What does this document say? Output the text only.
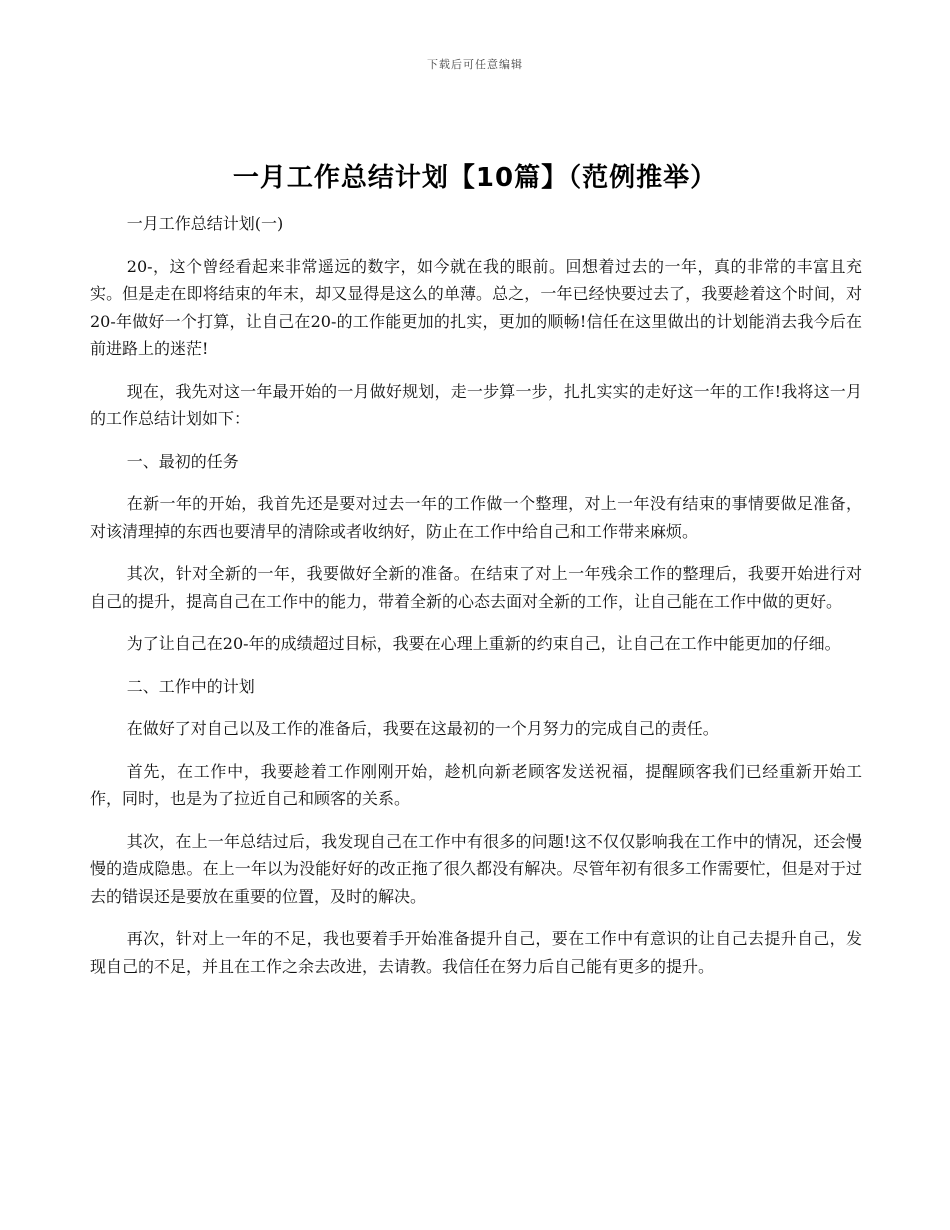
下载后可任意编辑
一月工作总结计划【10篇】（范例推举）

一月工作总结计划(一)

20-，这个曾经看起来非常遥远的数字，如今就在我的眼前。回想着过去的一年，真的非常的丰富且充实。但是走在即将结束的年末，却又显得是这么的单薄。总之，一年已经快要过去了，我要趁着这个时间，对20-年做好一个打算，让自己在20-的工作能更加的扎实，更加的顺畅!信任在这里做出的计划能消去我今后在前进路上的迷茫!

现在，我先对这一年最开始的一月做好规划，走一步算一步，扎扎实实的走好这一年的工作!我将这一月的工作总结计划如下：

一、最初的任务

在新一年的开始，我首先还是要对过去一年的工作做一个整理，对上一年没有结束的事情要做足准备，对该清理掉的东西也要清早的清除或者收纳好，防止在工作中给自己和工作带来麻烦。

其次，针对全新的一年，我要做好全新的准备。在结束了对上一年残余工作的整理后，我要开始进行对自己的提升，提高自己在工作中的能力，带着全新的心态去面对全新的工作，让自己能在工作中做的更好。

为了让自己在20-年的成绩超过目标，我要在心理上重新的约束自己，让自己在工作中能更加的仔细。

二、工作中的计划

在做好了对自己以及工作的准备后，我要在这最初的一个月努力的完成自己的责任。

首先，在工作中，我要趁着工作刚刚开始，趁机向新老顾客发送祝福，提醒顾客我们已经重新开始工作，同时，也是为了拉近自己和顾客的关系。

其次，在上一年总结过后，我发现自己在工作中有很多的问题!这不仅仅影响我在工作中的情况，还会慢慢的造成隐患。在上一年以为没能好好的改正拖了很久都没有解决。尽管年初有很多工作需要忙，但是对于过去的错误还是要放在重要的位置，及时的解决。

再次，针对上一年的不足，我也要着手开始准备提升自己，要在工作中有意识的让自己去提升自己，发现自己的不足，并且在工作之余去改进，去请教。我信任在努力后自己能有更多的提升。
